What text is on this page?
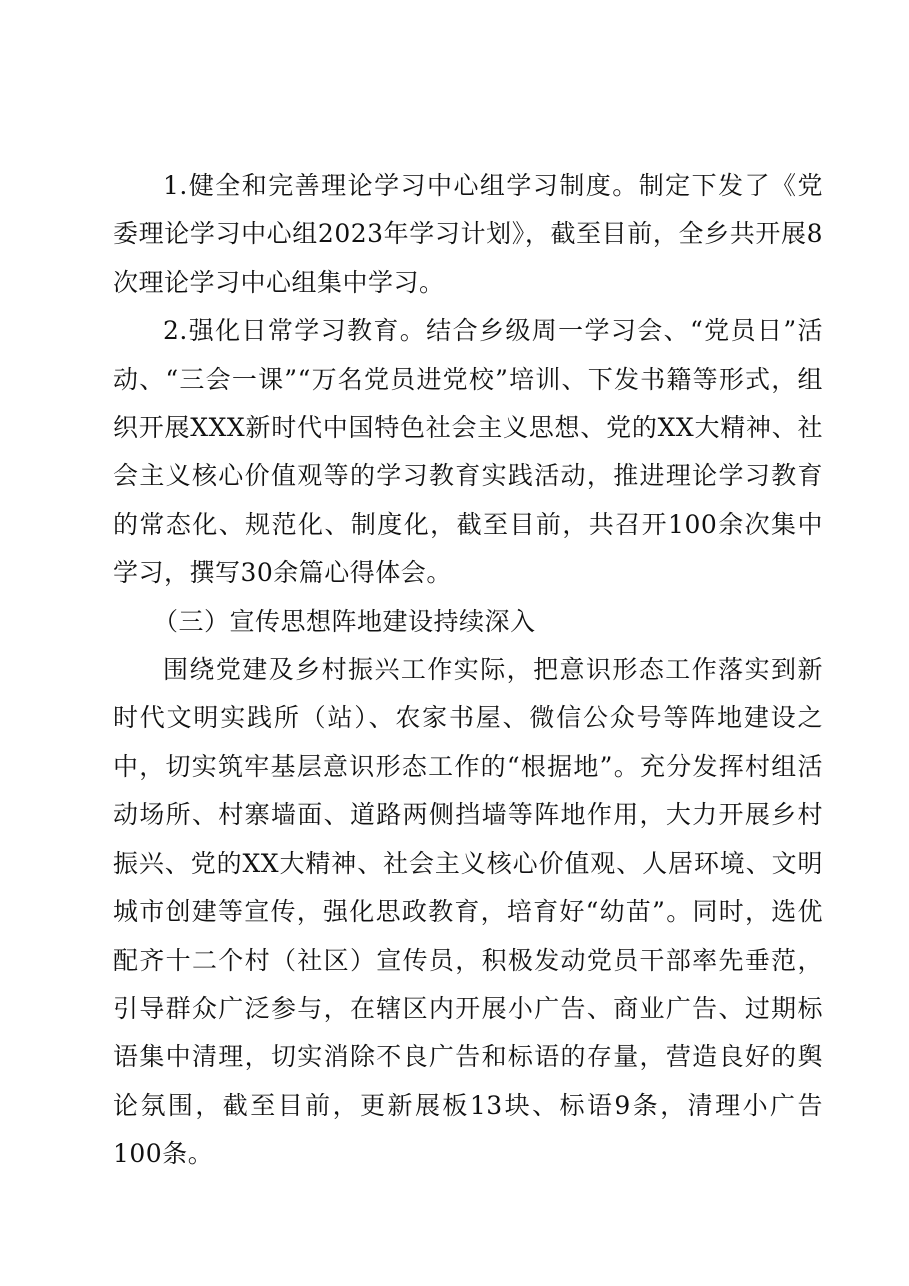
1.健全和完善理论学习中心组学习制度。制定下发了《党委理论学习中心组2023年学习计划》，截至目前，全乡共开展8次理论学习中心组集中学习。

2.强化日常学习教育。结合乡级周一学习会、“党员日”活动、“三会一课”“万名党员进党校”培训、下发书籍等形式，组织开展XXX新时代中国特色社会主义思想、党的XX大精神、社会主义核心价值观等的学习教育实践活动，推进理论学习教育的常态化、规范化、制度化，截至目前，共召开100余次集中学习，撰写30余篇心得体会。

（三）宣传思想阵地建设持续深入

围绕党建及乡村振兴工作实际，把意识形态工作落实到新时代文明实践所（站）、农家书屋、微信公众号等阵地建设之中，切实筑牢基层意识形态工作的“根据地”。充分发挥村组活动场所、村寨墙面、道路两侧挡墙等阵地作用，大力开展乡村振兴、党的XX大精神、社会主义核心价值观、人居环境、文明城市创建等宣传，强化思政教育，培育好“幼苗”。同时，选优配齐十二个村（社区）宣传员，积极发动党员干部率先垂范，引导群众广泛参与，在辖区内开展小广告、商业广告、过期标语集中清理，切实消除不良广告和标语的存量，营造良好的舆论氛围，截至目前，更新展板13块、标语9条，清理小广告100条。
